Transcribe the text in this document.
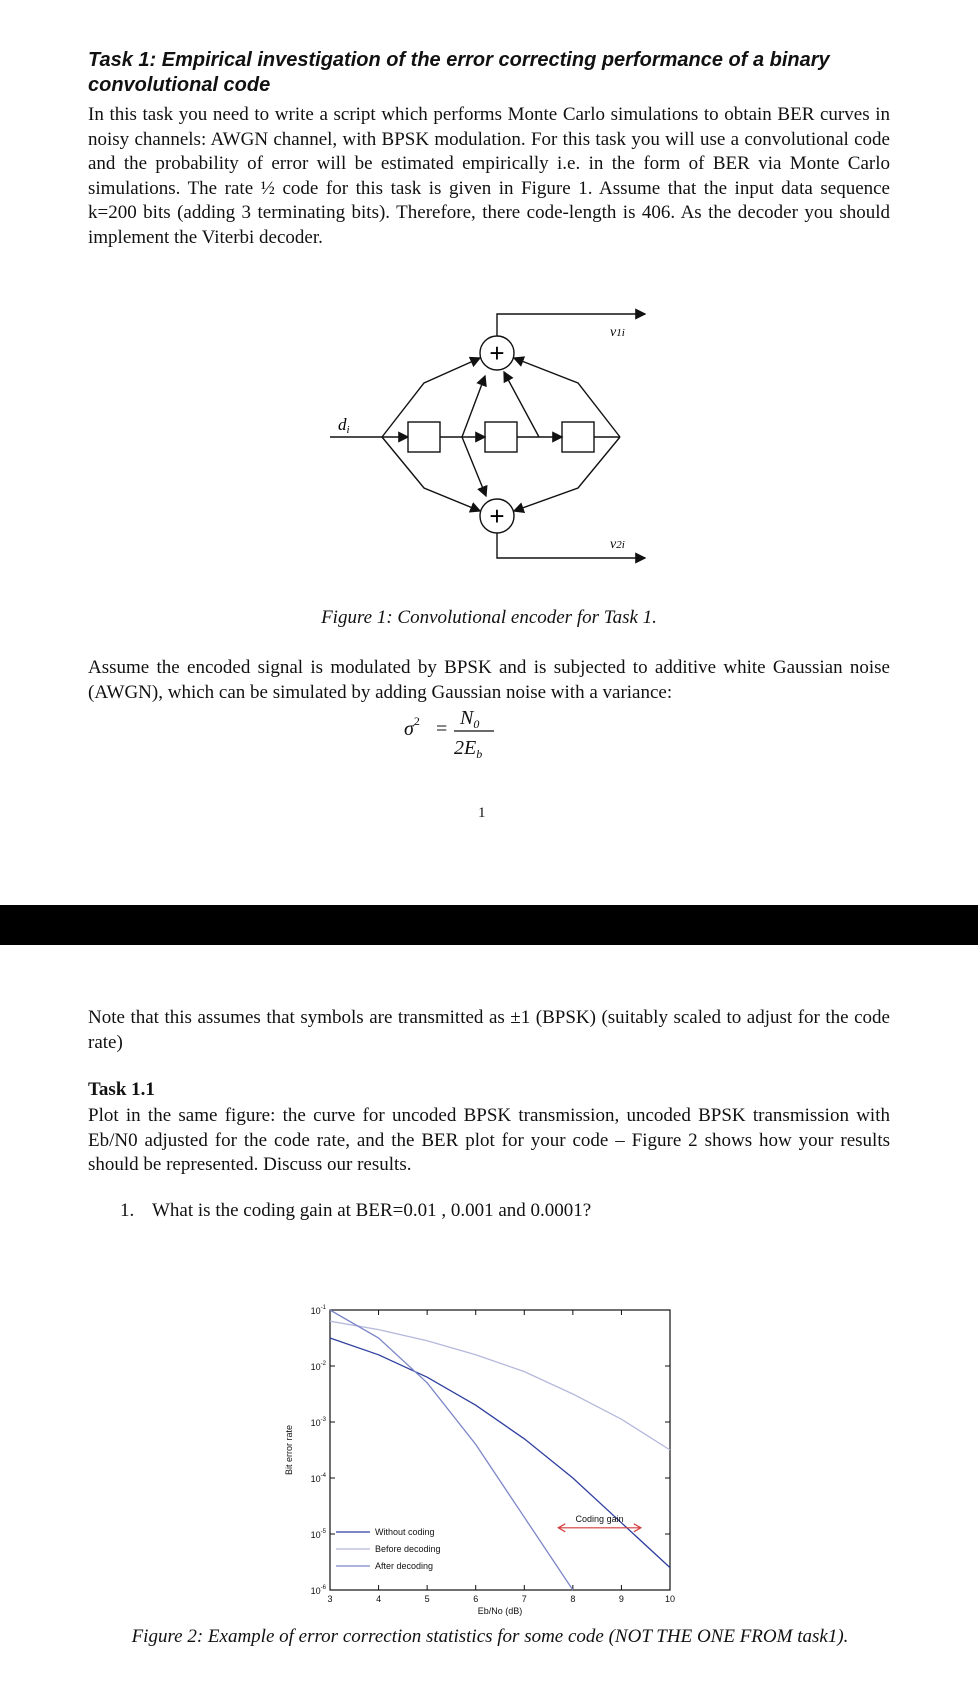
Task 1: Empirical investigation of the error correcting performance of a binary convolutional code
In this task you need to write a script which performs Monte Carlo simulations to obtain BER curves in noisy channels: AWGN channel, with BPSK modulation. For this task you will use a convolutional code and the probability of error will be estimated empirically i.e. in the form of BER via Monte Carlo simulations. The rate ½ code for this task is given in Figure 1. Assume that the input data sequence k=200 bits (adding 3 terminating bits). Therefore, there code-length is 406. As the decoder you should implement the Viterbi decoder.
+
+
di
v1i
v2i
Figure 1: Convolutional encoder for Task 1.
Assume the encoded signal is modulated by BPSK and is subjected to additive white Gaussian noise (AWGN), which can be simulated by adding Gaussian noise with a variance:
$\sigma^2 = N_0$
$2E_b$
1
Note that this assumes that symbols are transmitted as ±1 (BPSK) (suitably scaled to adjust for the code rate)
Task 1.1
Plot in the same figure: the curve for uncoded BPSK transmission, uncoded BPSK transmission with Eb/N0 adjusted for the code rate, and the BER plot for your code – Figure 2 shows how your results should be represented. Discuss our results.
1. What is the coding gain at BER=0.01 , 0.001 and 0.0001?
$10^{-1}$
$10^{-2}$
$10^{-3}$
$10^{-4}$
$10^{-5}$
$10^{-6}$
3	4	5	6	7	8	9	10
Eb/No (dB)
Bit error rate
Coding gain
Without coding
Before decoding
After decoding
Figure 2: Example of error correction statistics for some code (NOT THE ONE FROM task1).
